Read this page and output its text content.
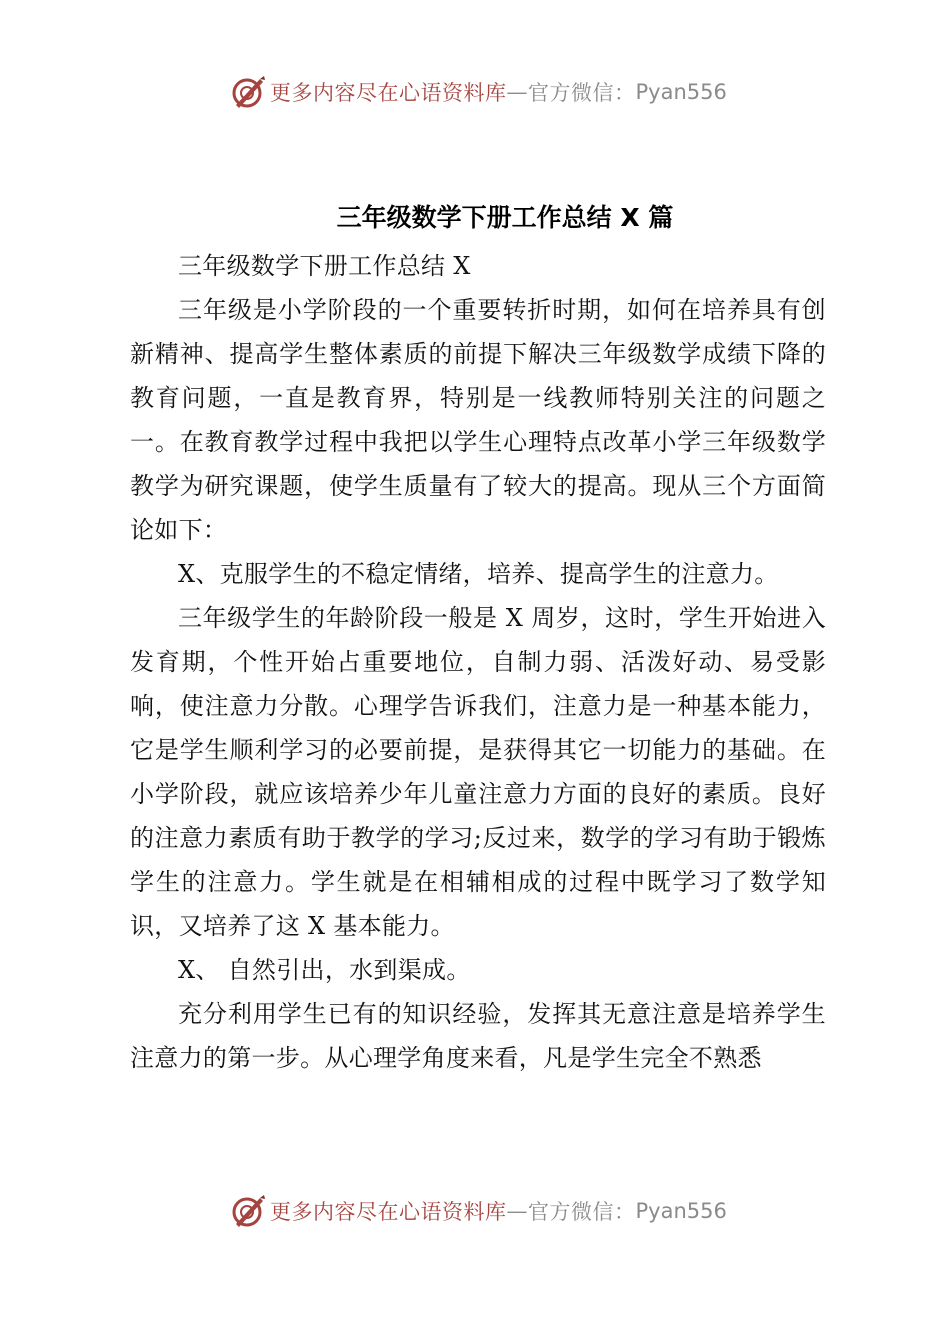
更多内容尽在心语资料库 — 官方微信： Pyan556
三年级数学下册工作总结 X 篇

三年级数学下册工作总结 X

三年级是小学阶段的一个重要转折时期，如何在培养具有创新精神、提高学生整体素质的前提下解决三年级数学成绩下降的教育问题，一直是教育界，特别是一线教师特别关注的问题之一。在教育教学过程中我把以学生心理特点改革小学三年级数学教学为研究课题，使学生质量有了较大的提高。现从三个方面简论如下：

X、克服学生的不稳定情绪，培养、提高学生的注意力。

三年级学生的年龄阶段一般是 X 周岁，这时，学生开始进入发育期，个性开始占重要地位，自制力弱、活泼好动、易受影响，使注意力分散。心理学告诉我们，注意力是一种基本能力，它是学生顺利学习的必要前提，是获得其它一切能力的基础。在小学阶段，就应该培养少年儿童注意力方面的良好的素质。良好的注意力素质有助于教学的学习;反过来，数学的学习有助于锻炼学生的注意力。学生就是在相辅相成的过程中既学习了数学知识，又培养了这 X 基本能力。

X、 自然引出，水到渠成。

充分利用学生已有的知识经验，发挥其无意注意是培养学生注意力的第一步。从心理学角度来看，凡是学生完全不熟悉

更多内容尽在心语资料库 — 官方微信： Pyan556
